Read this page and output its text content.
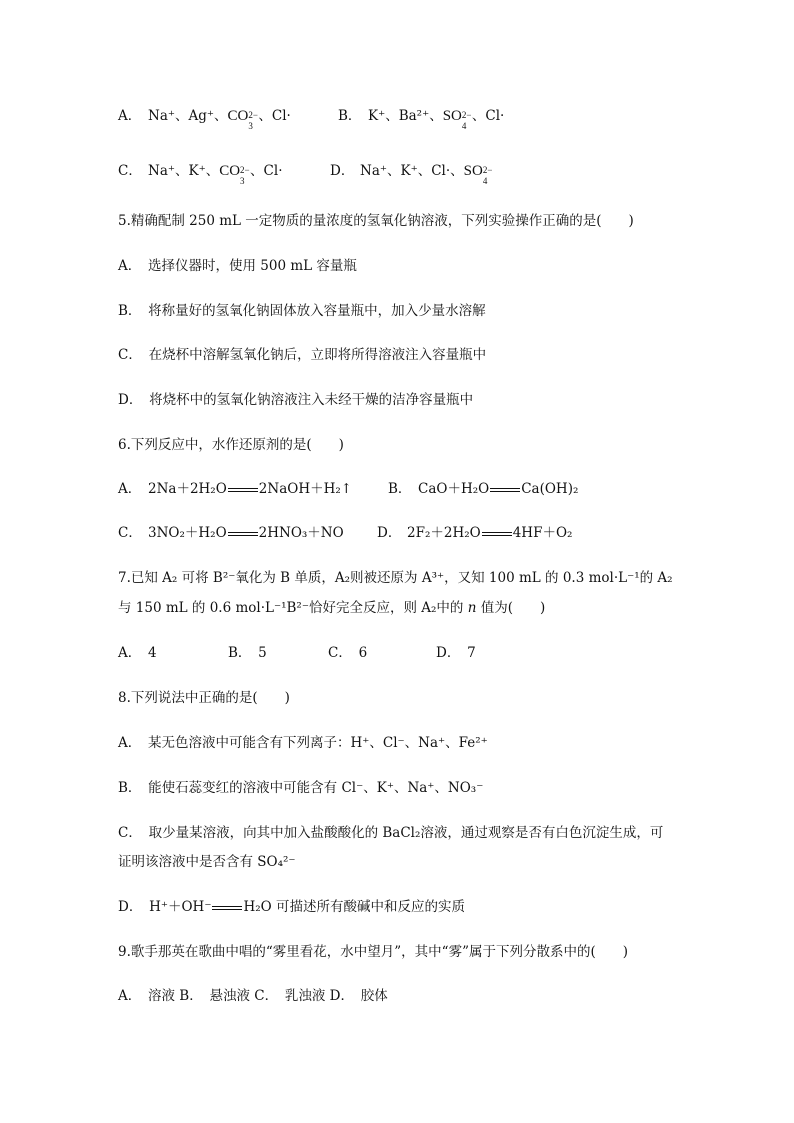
A． Na⁺、Ag⁺、CO 2−
3
、Cl·	B． K⁺、Ba²⁺、SO 2−
4
、Cl·
C． Na⁺、K⁺、CO 2−
3
、Cl·	D． Na⁺、K⁺、Cl·、SO 2−
4
5.精确配制 250 mL 一定物质的量浓度的氢氧化钠溶液，下列实验操作正确的是(　　)
A．　选择仪器时，使用 500 mL 容量瓶
B．　将称量好的氢氧化钠固体放入容量瓶中，加入少量水溶解
C．　在烧杯中溶解氢氧化钠后，立即将所得溶液注入容量瓶中
D．　将烧杯中的氢氧化钠溶液注入未经干燥的洁净容量瓶中
6.下列反应中，水作还原剂的是(　　)
A． 2Na＋2H₂O 2NaOH＋H₂↑	B． CaO＋H₂O Ca(OH)₂
C． 3NO₂＋H₂O 2HNO₃＋NO D． 2F₂＋2H₂O 4HF＋O₂
7.已知 A₂ 可将 B²⁻氧化为 B 单质，A₂则被还原为 A³⁺，又知 100 mL 的 0.3 mol·L⁻¹的 A₂
与 150 mL 的 0.6 mol·L⁻¹B²⁻恰好完全反应，则 A₂中的 n 值为(　　)
A．　4	B．　5	C．　6	D．　7
8.下列说法中正确的是(　　)
A．　某无色溶液中可能含有下列离子：H⁺、Cl⁻、Na⁺、Fe²⁺
B．　能使石蕊变红的溶液中可能含有 Cl⁻、K⁺、Na⁺、NO₃⁻
C．　取少量某溶液，向其中加入盐酸酸化的 BaCl₂溶液，通过观察是否有白色沉淀生成，可
证明该溶液中是否含有 SO₄²⁻
D．　H⁺＋OH⁻ H₂O 可描述所有酸碱中和反应的实质
9.歌手那英在歌曲中唱的“雾里看花，水中望月”，其中“雾”属于下列分散系中的(　　)
A．　溶液 B．　悬浊液 C．　乳浊液 D．　胶体
